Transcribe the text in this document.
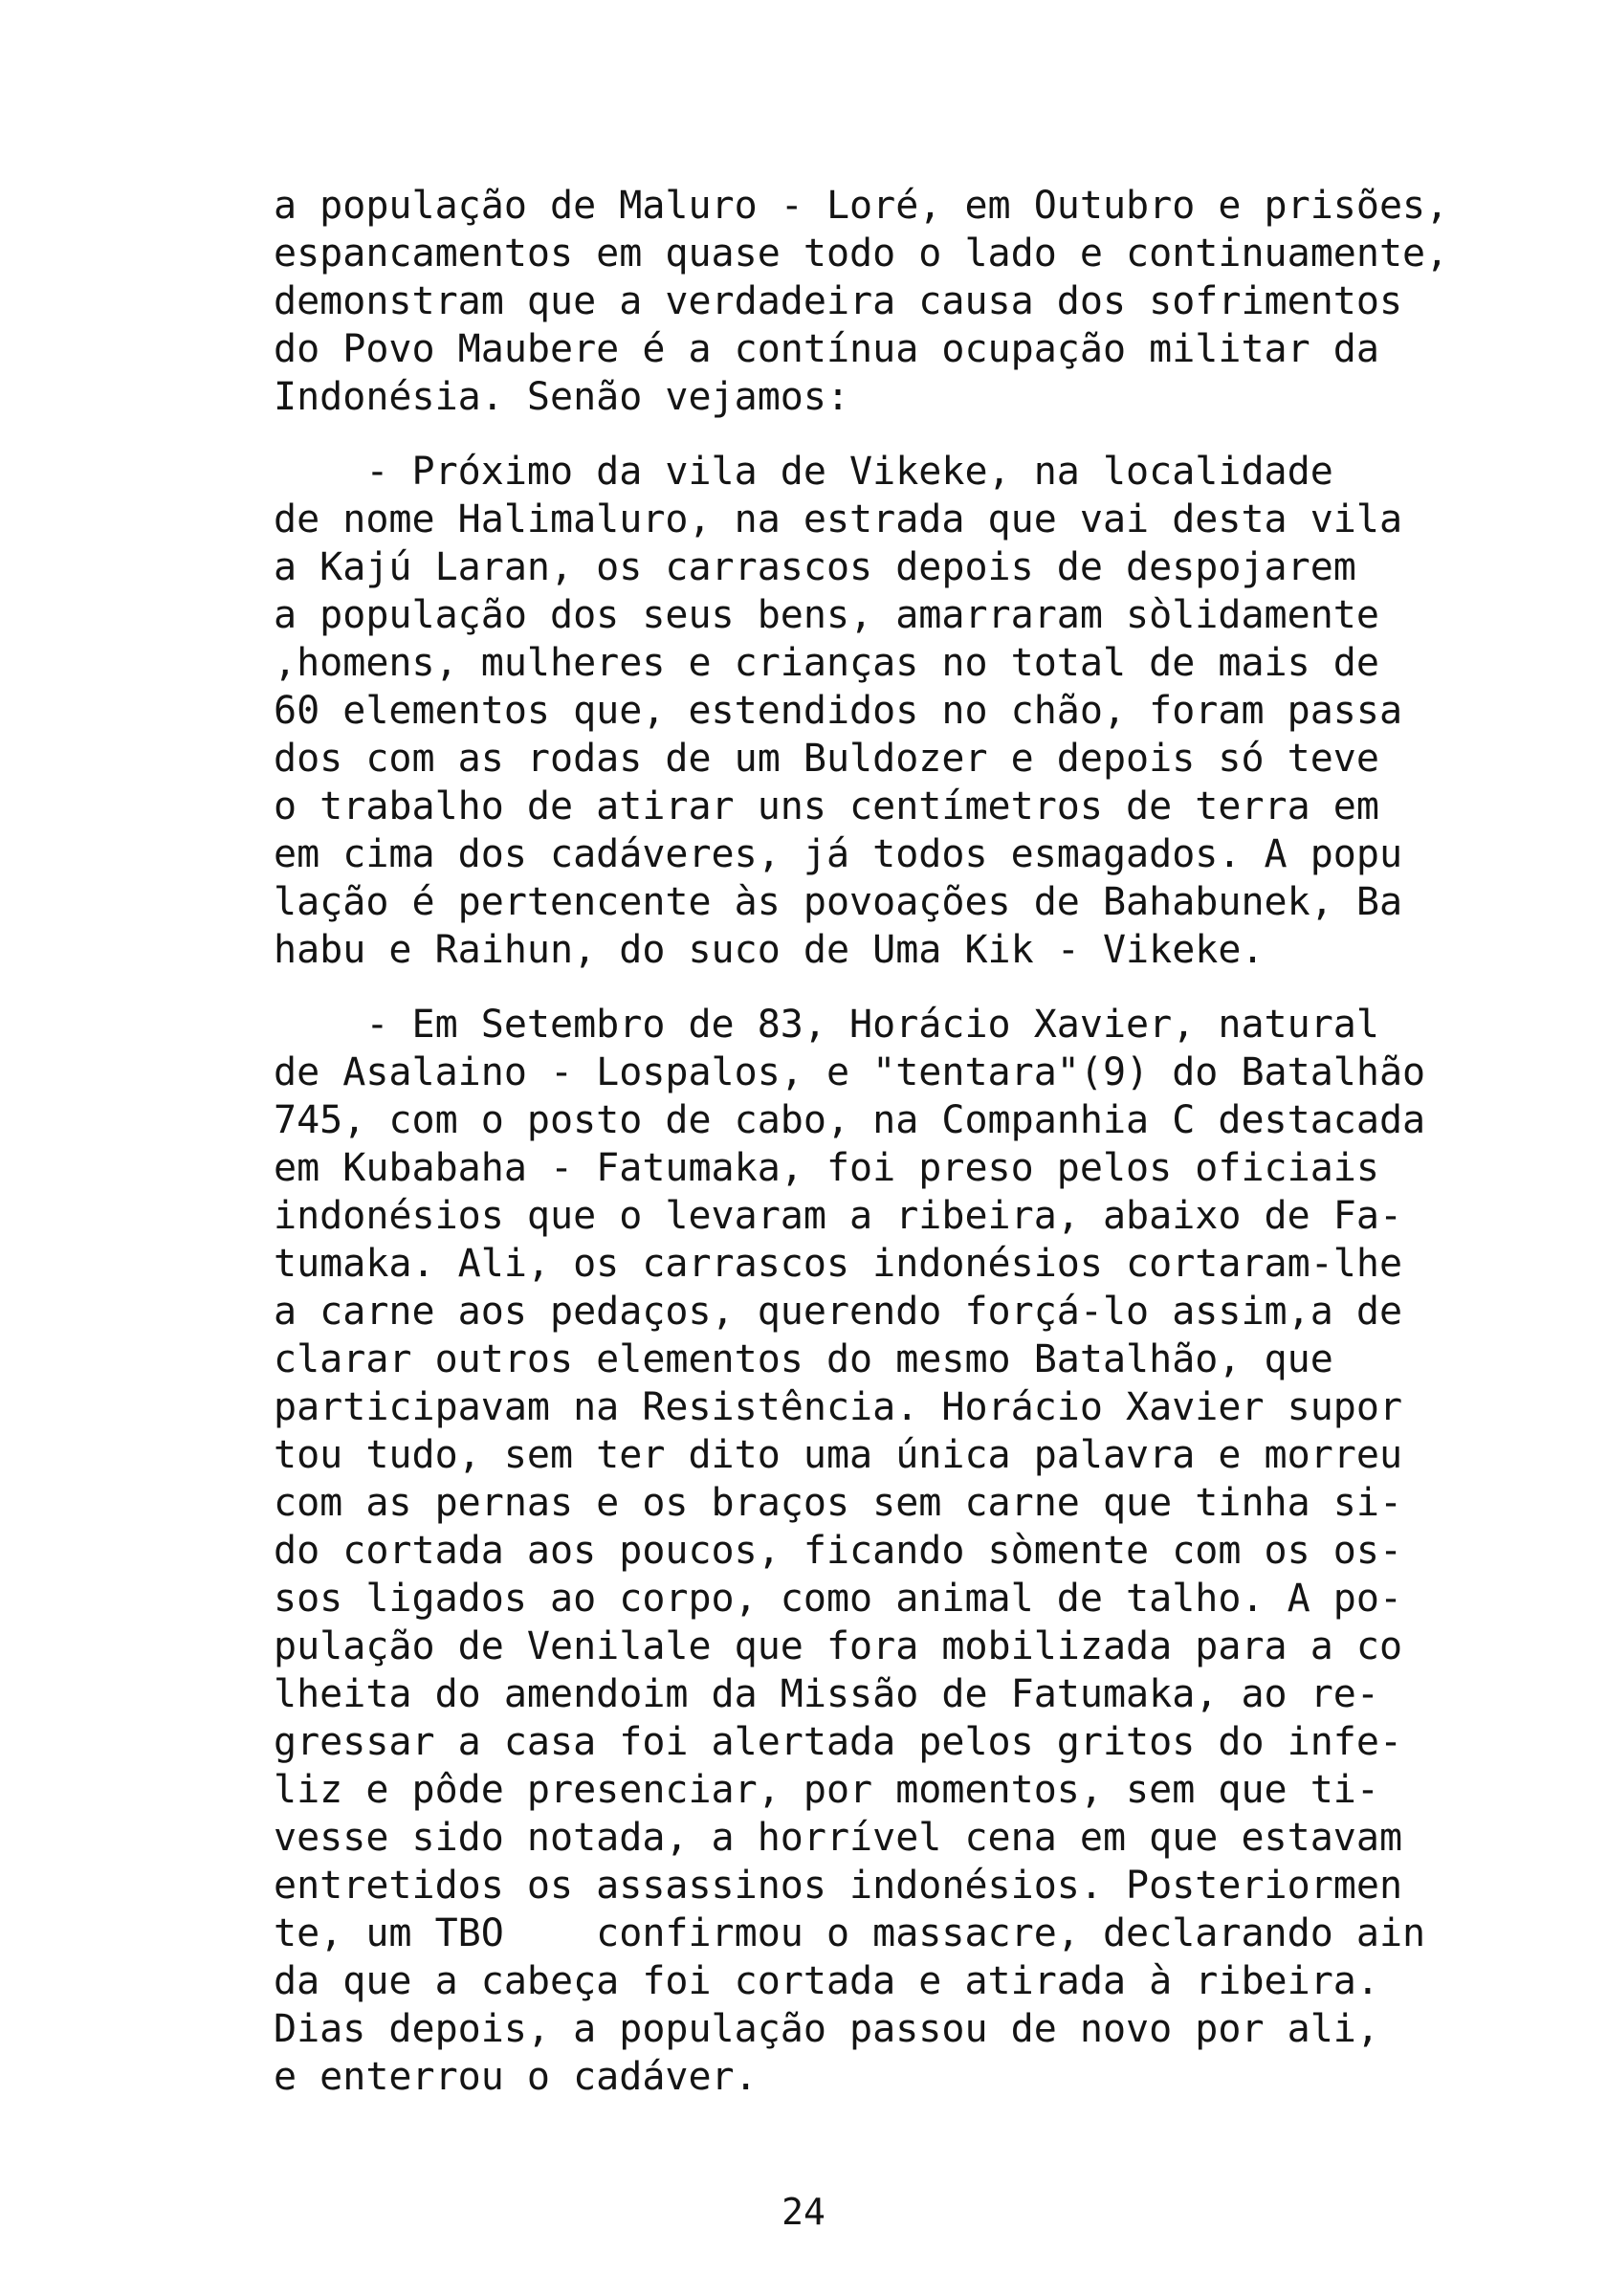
a população de Maluro - Loré, em Outubro e prisões,
espancamentos em quase todo o lado e continuamente,
demonstram que a verdadeira causa dos sofrimentos
do Povo Maubere é a contínua ocupação militar da
Indonésia. Senão vejamos:
- Próximo da vila de Vikeke, na localidade
de nome Halimaluro, na estrada que vai desta vila
a Kajú Laran, os carrascos depois de despojarem
a população dos seus bens, amarraram sòlidamente
,homens, mulheres e crianças no total de mais de
60 elementos que, estendidos no chão, foram passa
dos com as rodas de um Buldozer e depois só teve
o trabalho de atirar uns centímetros de terra em
em cima dos cadáveres, já todos esmagados. A popu
lação é pertencente às povoações de Bahabunek, Ba
habu e Raihun, do suco de Uma Kik - Vikeke.
- Em Setembro de 83, Horácio Xavier, natural
de Asalaino - Lospalos, e "tentara"(9) do Batalhão
745, com o posto de cabo, na Companhia C destacada
em Kubabaha - Fatumaka, foi preso pelos oficiais
indonésios que o levaram a ribeira, abaixo de Fa-
tumaka. Ali, os carrascos indonésios cortaram-lhe
a carne aos pedaços, querendo forçá-lo assim,a de
clarar outros elementos do mesmo Batalhão, que
participavam na Resistência. Horácio Xavier supor
tou tudo, sem ter dito uma única palavra e morreu
com as pernas e os braços sem carne que tinha si-
do cortada aos poucos, ficando sòmente com os os-
sos ligados ao corpo, como animal de talho. A po-
pulação de Venilale que fora mobilizada para a co
lheita do amendoim da Missão de Fatumaka, ao re-
gressar a casa foi alertada pelos gritos do infe-
liz e pôde presenciar, por momentos, sem que ti-
vesse sido notada, a horrível cena em que estavam
entretidos os assassinos indonésios. Posteriormen
te, um TBO    confirmou o massacre, declarando ain
da que a cabeça foi cortada e atirada à ribeira.
Dias depois, a população passou de novo por ali,
e enterrou o cadáver.
24
